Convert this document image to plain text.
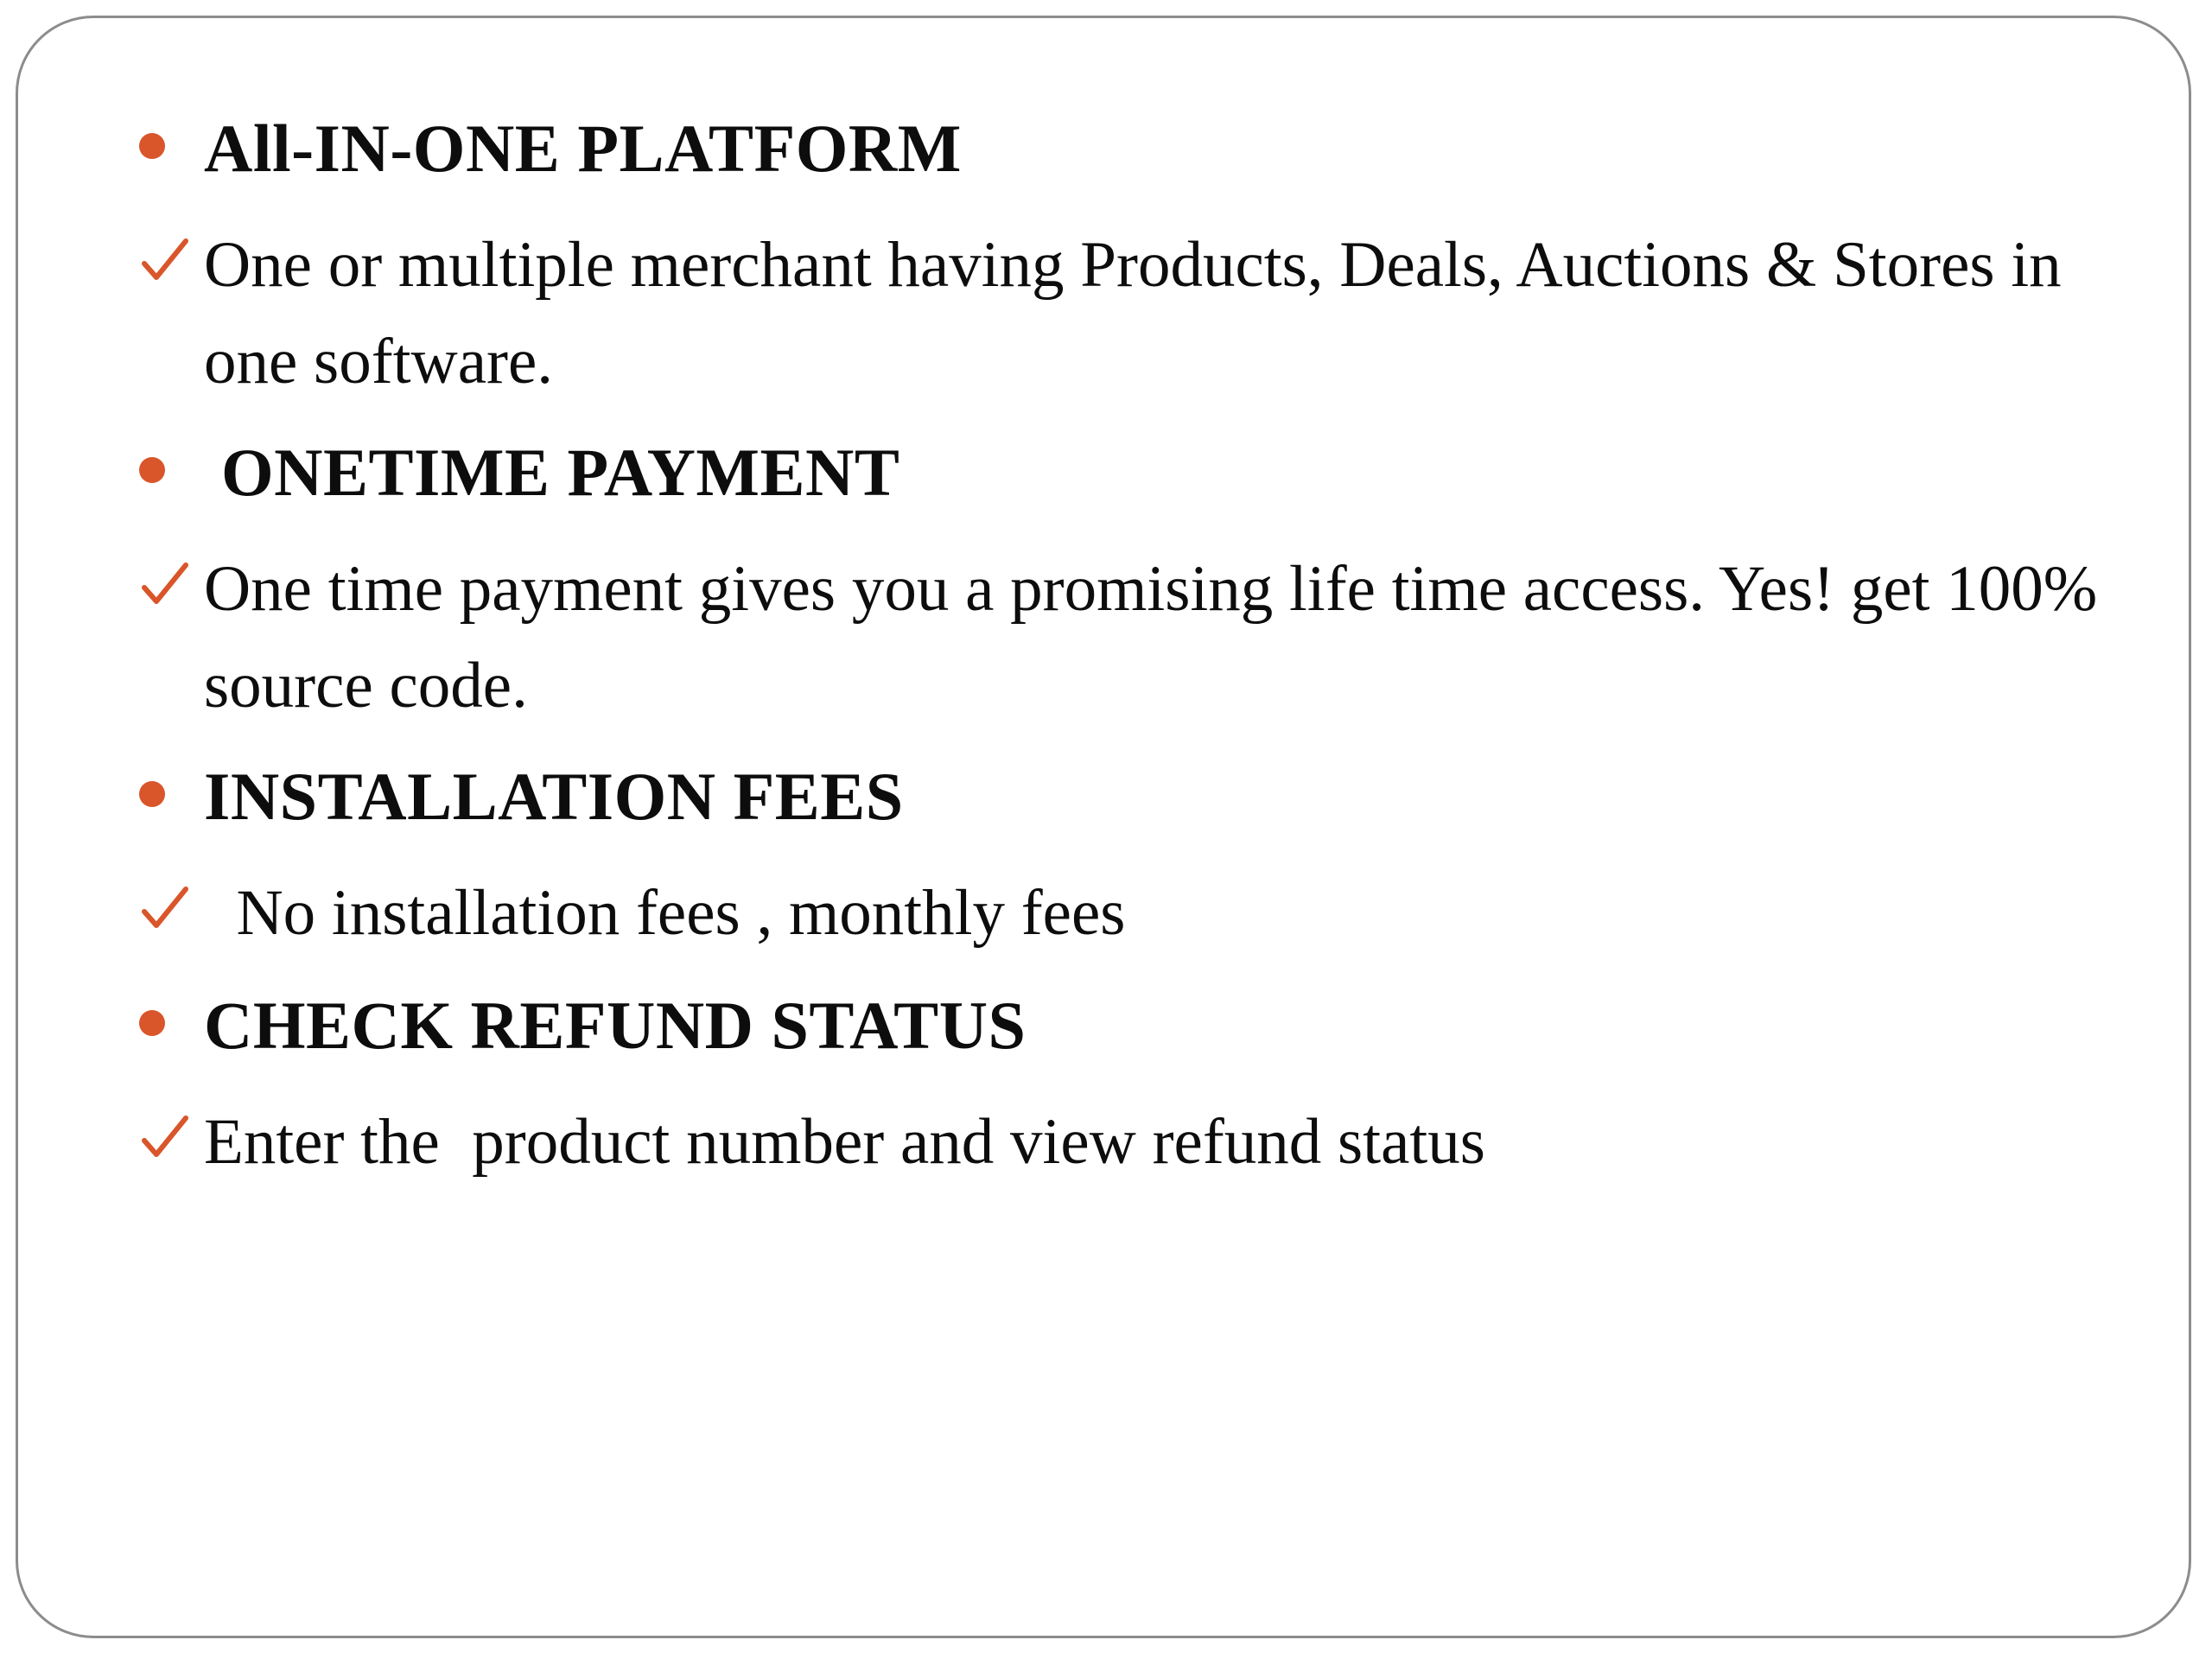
All-IN-ONE PLATFORM
One or multiple merchant having Products, Deals, Auctions & Stores in one software.
ONETIME PAYMENT
One time payment gives you a promising life time access. Yes! get 100% source code.
INSTALLATION FEES
No installation fees , monthly fees
CHECK REFUND STATUS
Enter the  product number and view refund status
